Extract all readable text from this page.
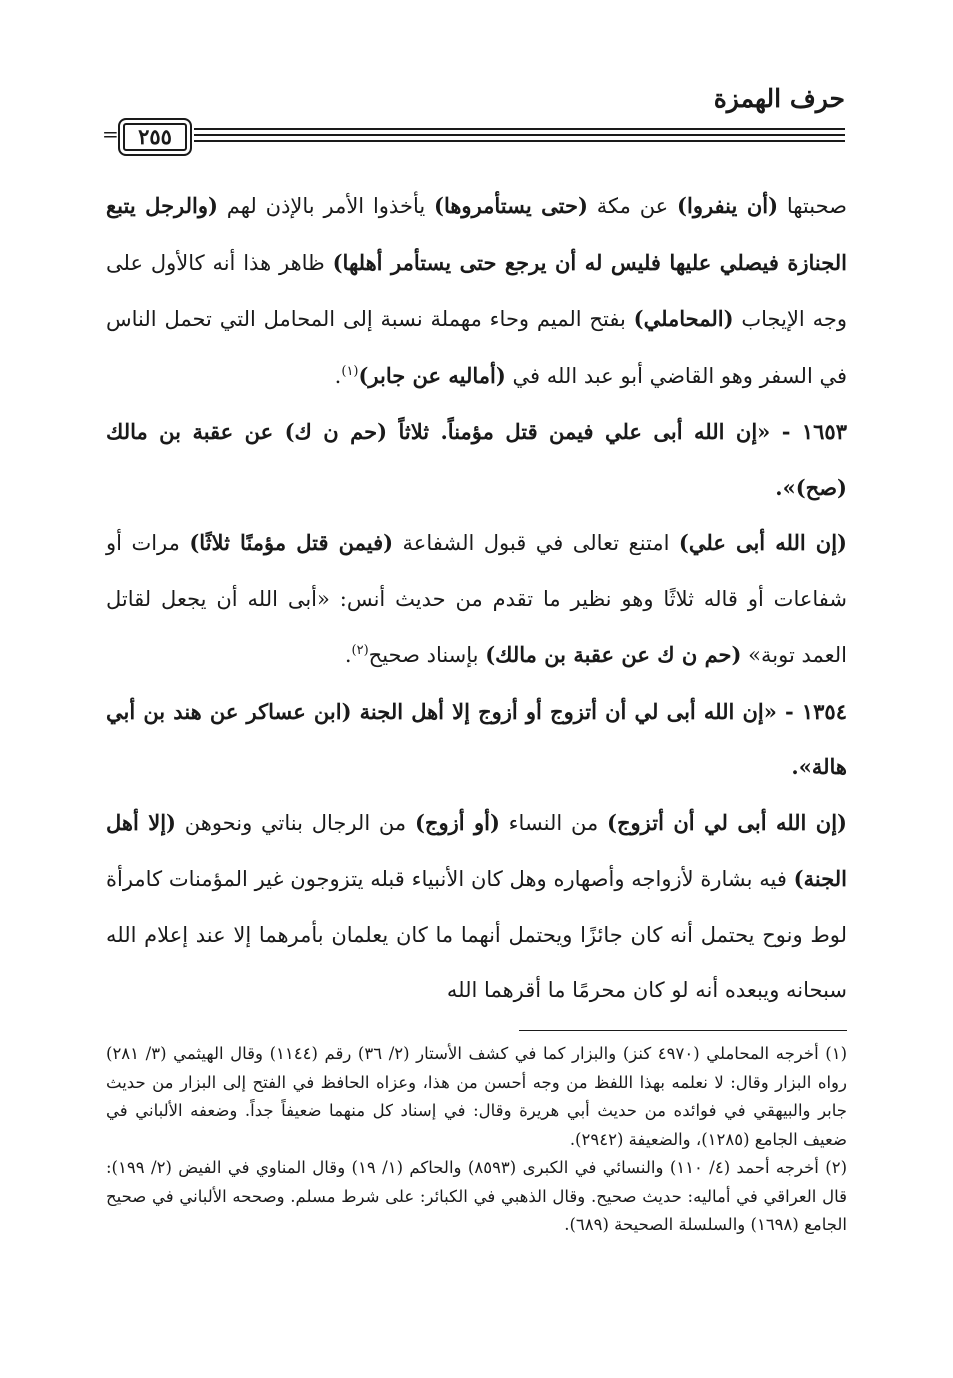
حرف الهمزة
= ٢٥٥

صحبتها (أن ينفروا) عن مكة (حتى يستأمروها) يأخذوا الأمر بالإذن لهم (والرجل يتبع الجنازة فيصلي عليها فليس له أن يرجع حتى يستأمر أهلها) ظاهر هذا أنه كالأول على وجه الإيجاب (المحاملي) بفتح الميم وحاء مهملة نسبة إلى المحامل التي تحمل الناس في السفر وهو القاضي أبو عبد الله في (أماليه عن جابر)$^{(١)}$.

١٦٥٣ - «إن الله أبى علي فيمن قتل مؤمناً. ثلاثاً (حم ن ك) عن عقبة بن مالك (صح)».

(إن الله أبى علي) امتنع تعالى في قبول الشفاعة (فيمن قتل مؤمنًا ثلاثًا) مرات أو شفاعات أو قاله ثلاثًا وهو نظير ما تقدم من حديث أنس: «أبى الله أن يجعل لقاتل العمد توبة» (حم ن ك عن عقبة بن مالك) بإسناد صحيح$^{(٢)}$.

١٣٥٤ - «إن الله أبى لي أن أتزوج أو أزوج إلا أهل الجنة (ابن عساكر عن هند بن أبي هالة».

(إن الله أبى لي أن أتزوج) من النساء (أو أزوج) من الرجال بناتي ونحوهن (إلا أهل الجنة) فيه بشارة لأزواجه وأصهاره وهل كان الأنبياء قبله يتزوجون غير المؤمنات كامرأة لوط ونوح يحتمل أنه كان جائزًا ويحتمل أنهما ما كان يعلمان بأمرهما إلا عند إعلام الله سبحانه ويبعده أنه لو كان محرمًا ما أقرهما الله

(١) أخرجه المحاملي (٤٩٧٠ كنز) والبزار كما في كشف الأستار (٢/ ٣٦) رقم (١١٤٤) وقال الهيثمي (٣/ ٢٨١) رواه البزار وقال: لا نعلمه بهذا اللفظ من وجه أحسن من هذا، وعزاه الحافظ في الفتح إلى البزار من حديث جابر والبيهقي في فوائده من حديث أبي هريرة وقال: في إسناد كل منهما ضعيفاً جداً. وضعفه الألباني في ضعيف الجامع (١٢٨٥)، والضعيفة (٢٩٤٢).

(٢) أخرجه أحمد (٤/ ١١٠) والنسائي في الكبرى (٨٥٩٣) والحاكم (١/ ١٩) وقال المناوي في الفيض (٢/ ١٩٩): قال العراقي في أماليه: حديث صحيح. وقال الذهبي في الكبائر: على شرط مسلم. وصححه الألباني في صحيح الجامع (١٦٩٨) والسلسلة الصحيحة (٦٨٩).
